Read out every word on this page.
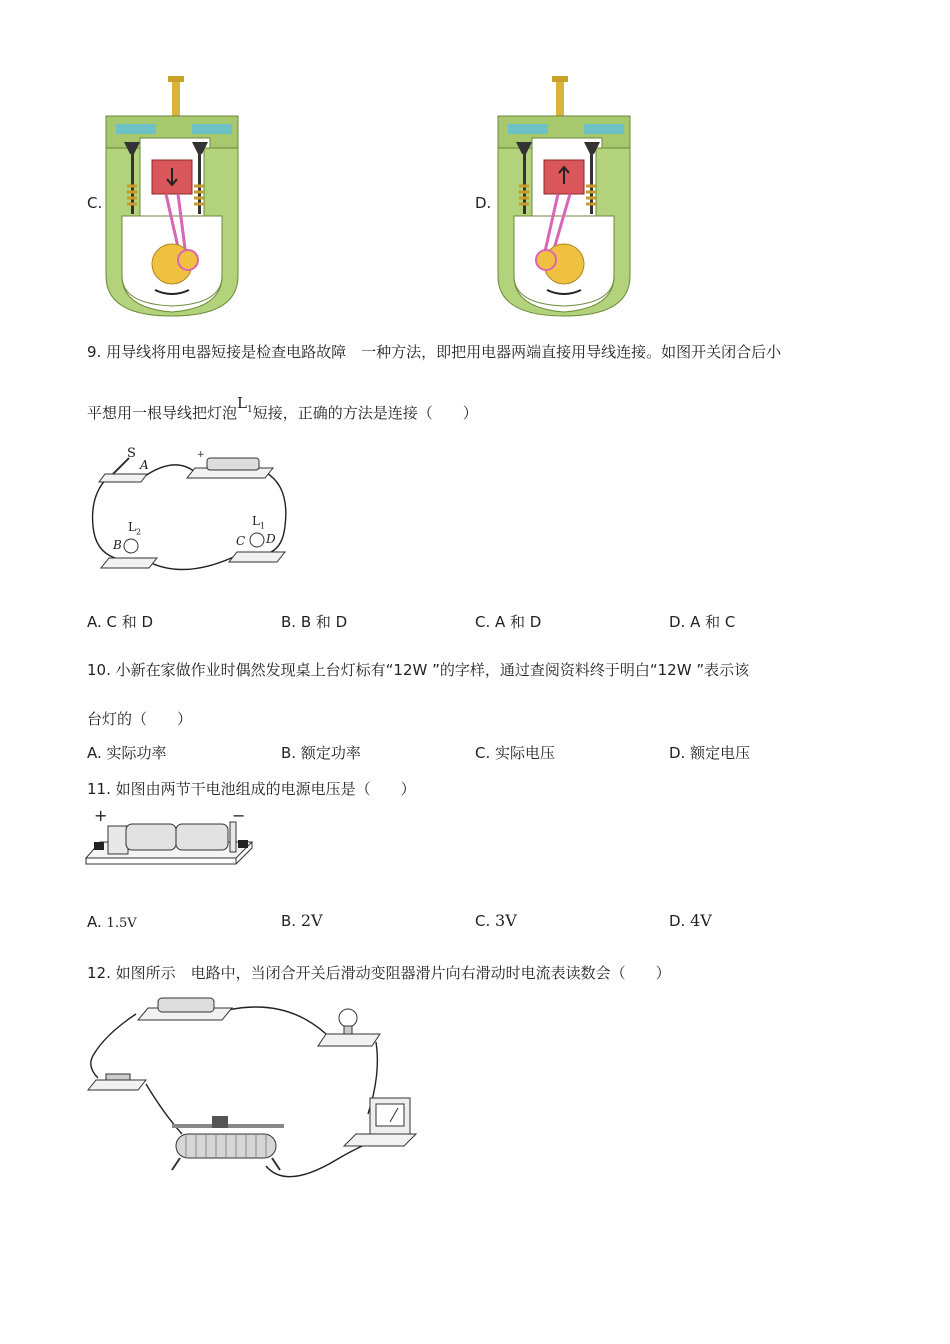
C.	D.
9. 用导线将用电器短接是检查电路故障　一种方法，即把用电器两端直接用导线连接。如图开关闭合后小
平想用一根导线把灯泡$L_1$短接，正确的方法是连接（　　）
S
A
+
$L_2$
B
$L_1$
C D
A. C 和 D	B. B 和 D	C. A 和 D	D. A 和 C
10. 小新在家做作业时偶然发现桌上台灯标有“12W ”的字样，通过查阅资料终于明白“12W ”表示该
台灯的（　　）
A. 实际功率	B. 额定功率	C. 实际电压	D. 额定电压
11. 如图由两节干电池组成的电源电压是（　　）
+	−
A. 1.5V	B. 2V	C. 3V	D. 4V
12. 如图所示　电路中，当闭合开关后滑动变阻器滑片向右滑动时电流表读数会（　　）
